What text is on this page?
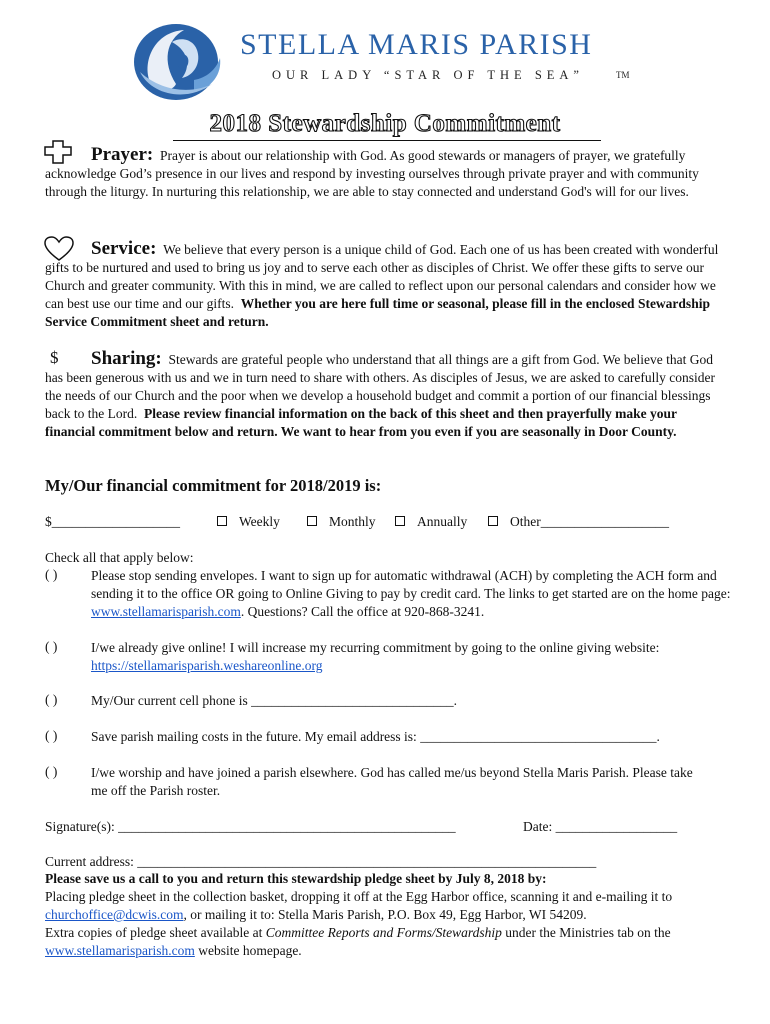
STELLA MARIS PARISH
OUR LADY “STAR OF THE SEA”	TM
2018 Stewardship Commitment
Prayer: Prayer is about our relationship with God. As good stewards or managers of prayer, we gratefully acknowledge God’s presence in our lives and respond by investing ourselves through private prayer and with community through the liturgy. In nurturing this relationship, we are able to stay connected and understand God's will for our lives.
Service: We believe that every person is a unique child of God. Each one of us has been created with wonderful gifts to be nurtured and used to bring us joy and to serve each other as disciples of Christ. We offer these gifts to serve our Church and greater community. With this in mind, we are called to reflect upon our personal calendars and consider how we can best use our time and our gifts. Whether you are here full time or seasonal, please fill in the enclosed Stewardship Service Commitment sheet and return.
$	Sharing: Stewards are grateful people who understand that all things are a gift from God. We believe that God has been generous with us and we in turn need to share with others. As disciples of Jesus, we are asked to carefully consider the needs of our Church and the poor when we develop a household budget and commit a portion of our financial blessings back to the Lord. Please review financial information on the back of this sheet and then prayerfully make your financial commitment below and return. We want to hear from you even if you are seasonally in Door County.
My/Our financial commitment for 2018/2019 is:
$___________________	Weekly	Monthly	Annually	Other___________________
Check all that apply below:
( ) Please stop sending envelopes. I want to sign up for automatic withdrawal (ACH) by completing the ACH form and sending it to the office OR going to Online Giving to pay by credit card. The links to get started are on the home page: www.stellamarisparish.com. Questions? Call the office at 920-868-3241.
( ) I/we already give online! I will increase my recurring commitment by going to the online giving website: https://stellamarisparish.weshareonline.org
( ) My/Our current cell phone is ______________________________.
( ) Save parish mailing costs in the future. My email address is: ___________________________________.
( ) I/we worship and have joined a parish elsewhere. God has called me/us beyond Stella Maris Parish. Please take me off the Parish roster.
Signature(s): __________________________________________________	Date: __________________
Current address: ____________________________________________________________________
Please save us a call to you and return this stewardship pledge sheet by July 8, 2018 by:
Placing pledge sheet in the collection basket, dropping it off at the Egg Harbor office, scanning it and e-mailing it to churchoffice@dcwis.com, or mailing it to: Stella Maris Parish, P.O. Box 49, Egg Harbor, WI 54209.
Extra copies of pledge sheet available at Committee Reports and Forms/Stewardship under the Ministries tab on the www.stellamarisparish.com website homepage.
